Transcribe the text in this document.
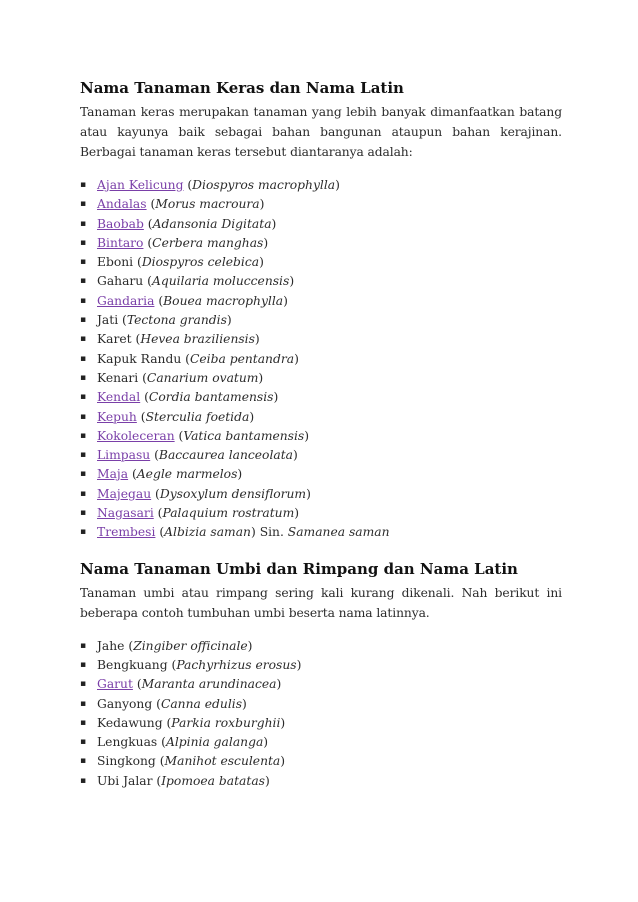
Nama Tanaman Keras dan Nama Latin

Tanaman keras merupakan tanaman yang lebih banyak dimanfaatkan batang atau kayunya baik sebagai bahan bangunan ataupun bahan kerajinan. Berbagai tanaman keras tersebut diantaranya adalah:

▪ Ajan Kelicung (Diospyros macrophylla)
▪ Andalas (Morus macroura)
▪ Baobab (Adansonia Digitata)
▪ Bintaro (Cerbera manghas)
▪ Eboni (Diospyros celebica)
▪ Gaharu (Aquilaria moluccensis)
▪ Gandaria (Bouea macrophylla)
▪ Jati (Tectona grandis)
▪ Karet (Hevea braziliensis)
▪ Kapuk Randu (Ceiba pentandra)
▪ Kenari (Canarium ovatum)
▪ Kendal (Cordia bantamensis)
▪ Kepuh (Sterculia foetida)
▪ Kokoleceran (Vatica bantamensis)
▪ Limpasu (Baccaurea lanceolata)
▪ Maja (Aegle marmelos)
▪ Majegau (Dysoxylum densiflorum)
▪ Nagasari (Palaquium rostratum)
▪ Trembesi (Albizia saman) Sin. Samanea saman
Nama Tanaman Umbi dan Rimpang dan Nama Latin

Tanaman umbi atau rimpang sering kali kurang dikenali. Nah berikut ini beberapa contoh tumbuhan umbi beserta nama latinnya.

▪ Jahe (Zingiber officinale)
▪ Bengkuang (Pachyrhizus erosus)
▪ Garut (Maranta arundinacea)
▪ Ganyong (Canna edulis)
▪ Kedawung (Parkia roxburghii)
▪ Lengkuas (Alpinia galanga)
▪ Singkong (Manihot esculenta)
▪ Ubi Jalar (Ipomoea batatas)
